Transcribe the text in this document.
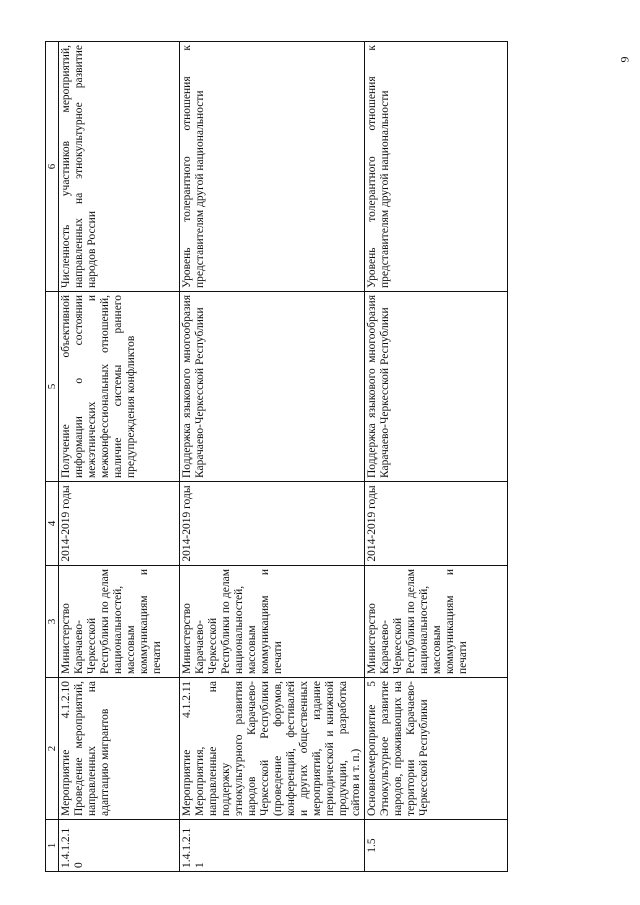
9
1	2	3	4	5	6
1.4.1.2.10	Мероприятие 4.1.2.10 Проведение мероприятий, направленных на адаптацию мигрантов	Министерство Карачаево-Черкесской Республики по делам национальностей, массовым коммуникациям и печати	2014-2019 годы	Получение объективной информации о состоянии межэтнических и межконфессиональных отношений, наличие системы раннего предупреждения конфликтов	Численность участников мероприятий, направленных на этнокультурное развитие народов России
1.4.1.2.11	Мероприятие 4.1.2.11 Мероприятия, направленные на поддержку этнокультурного развития народов Карачаево-Черкесской Республики (проведение форумов, конференций, фестивалей и других общественных мероприятий, издание периодической и книжной продукции, разработка сайтов и т. п.)	Министерство Карачаево-Черкесской Республики по делам национальностей, массовым коммуникациям и печати	2014-2019 годы	Поддержка языкового многообразия Карачаево-Черкесской Республики	Уровень толерантного отношения к представителям другой национальности
1.5	Основноемероприятие 5 Этнокультурное развитие народов, проживающих на территории Карачаево-Черкесской Республики	Министерство Карачаево-Черкесской Республики по делам национальностей, массовым коммуникациям и печати	2014-2019 годы	Поддержка языкового многообразия Карачаево-Черкесской Республики	Уровень толерантного отношения к представителям другой национальности
